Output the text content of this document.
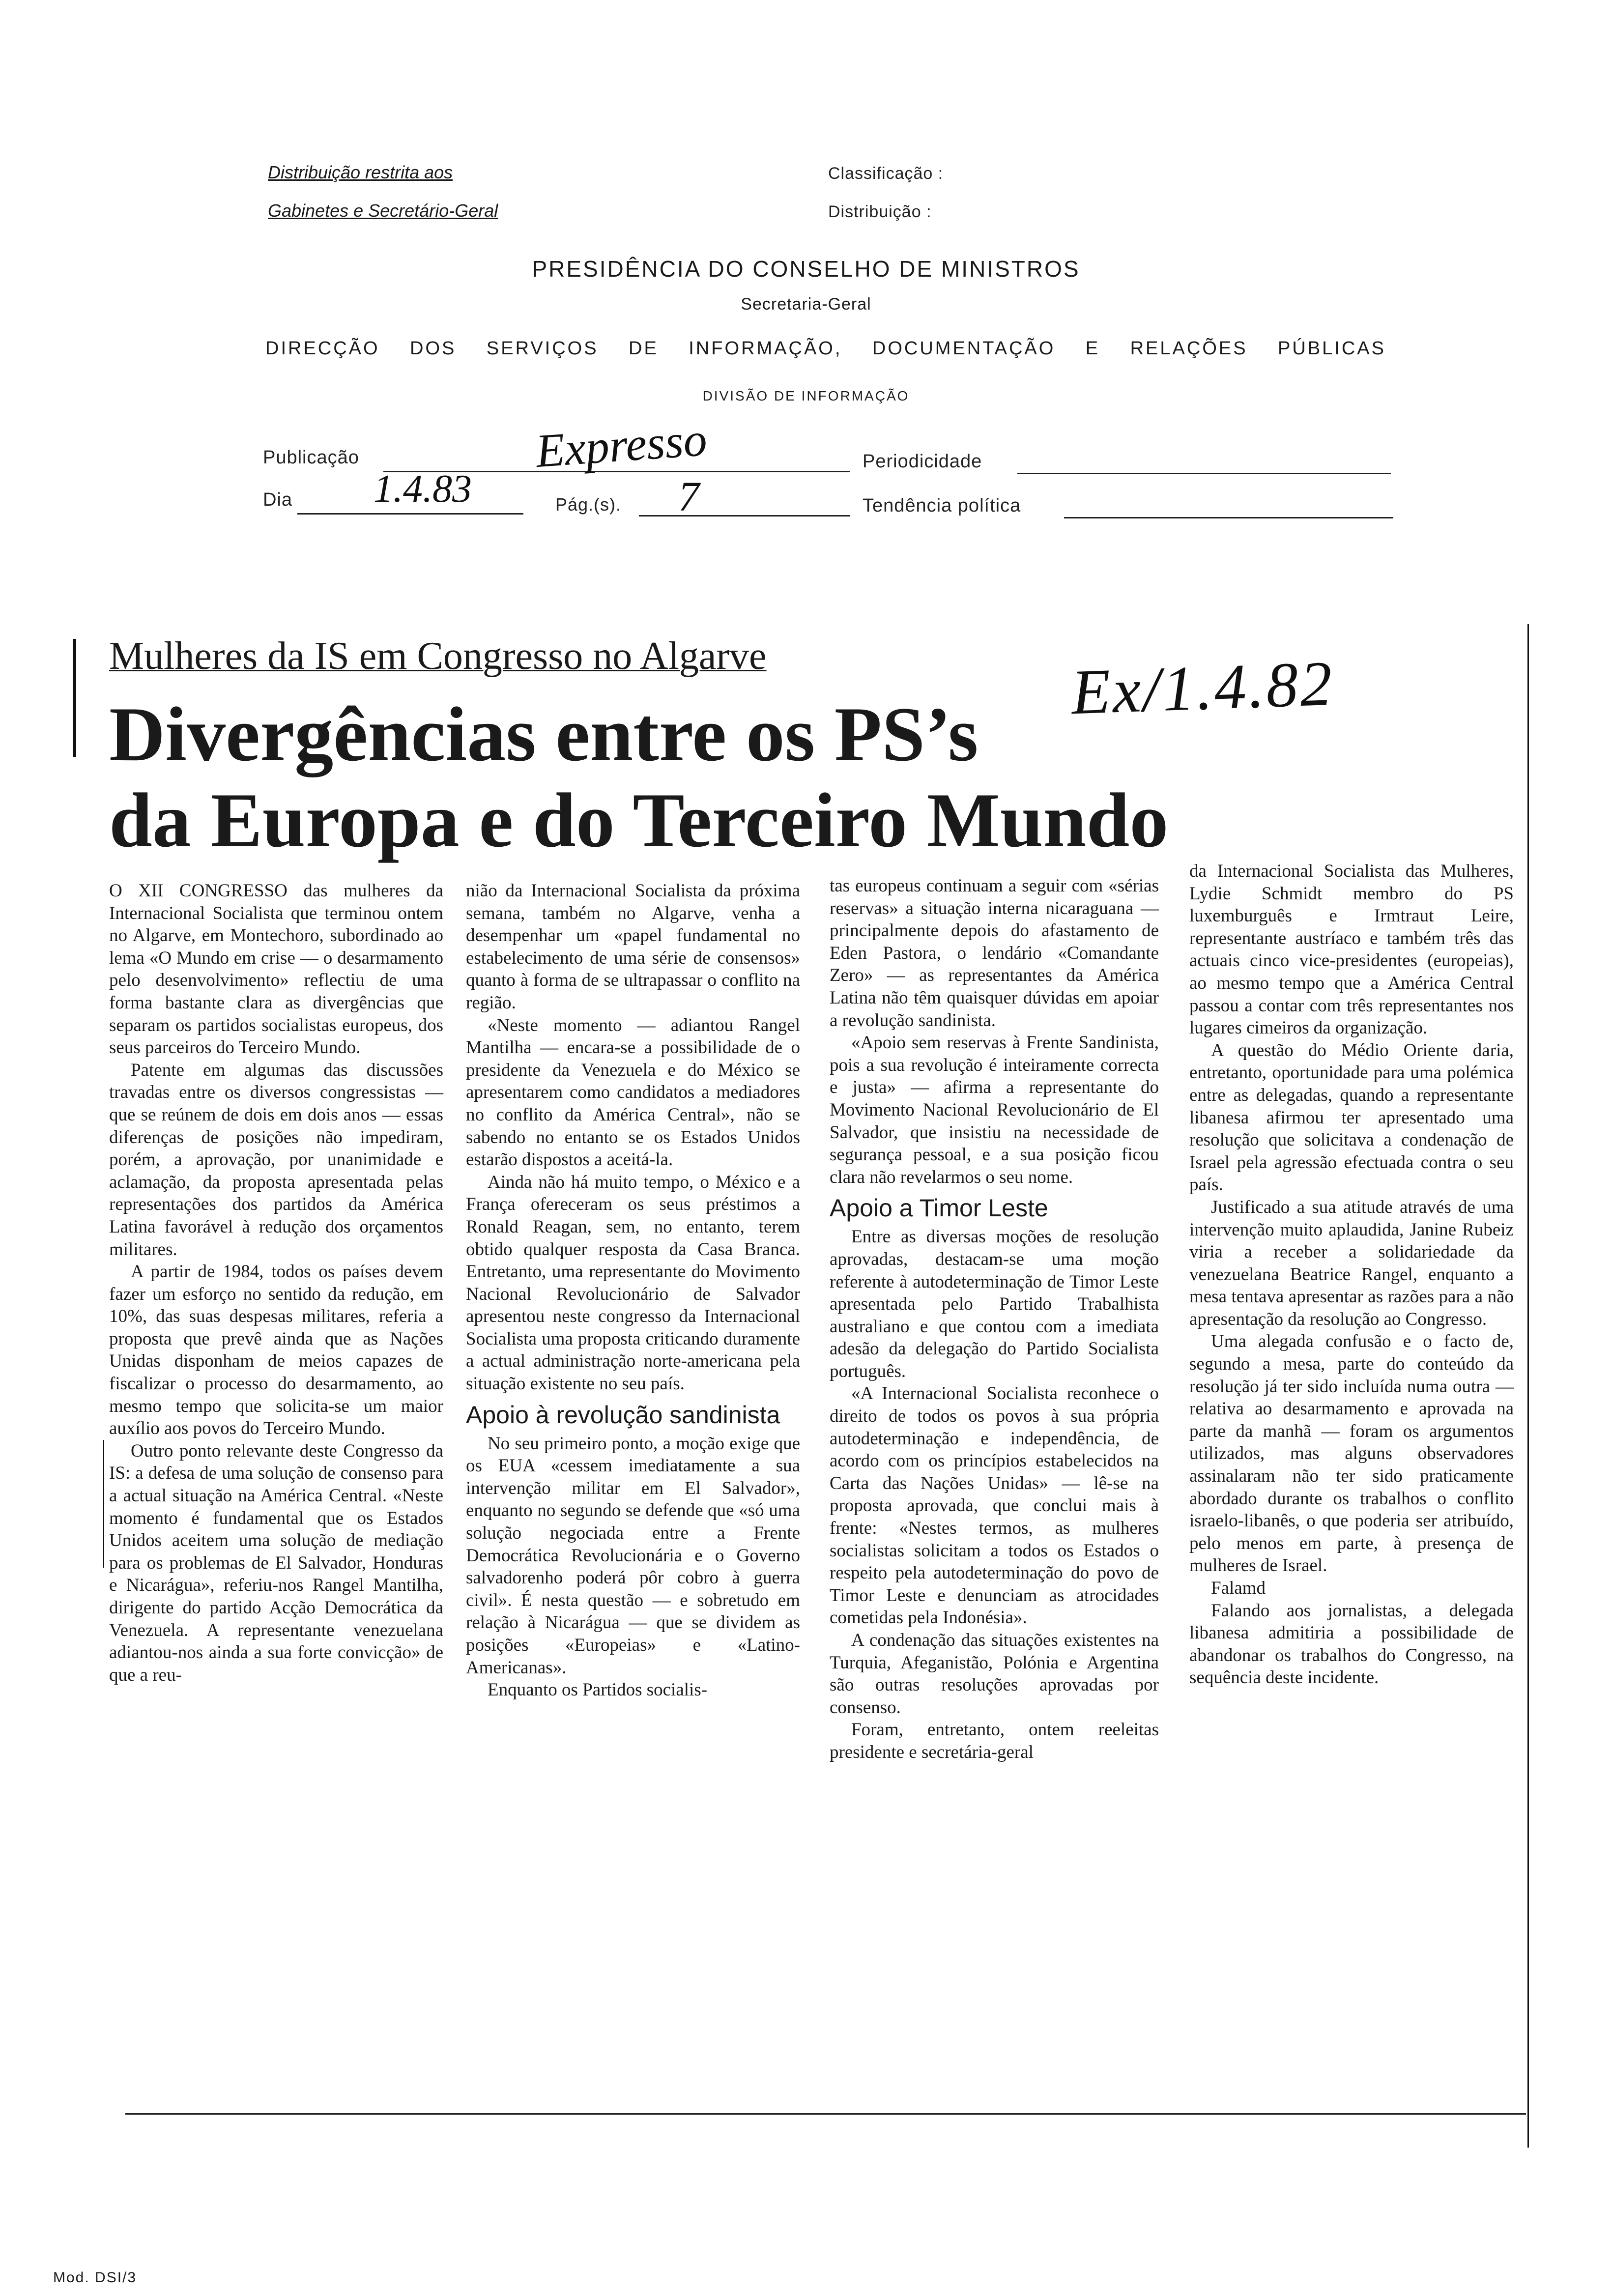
Distribuição restrita aos
Gabinetes e Secretário-Geral
Classificação :
Distribuição :
PRESIDÊNCIA DO CONSELHO DE MINISTROS
Secretaria-Geral
DIRECÇÃO DOS SERVIÇOS DE INFORMAÇÃO, DOCUMENTAÇÃO E RELAÇÕES PÚBLICAS
DIVISÃO DE INFORMAÇÃO
Publicação	Expresso	Periodicidade
Dia 1.4.83	Pág.(s). 7	Tendência política
Mulheres da IS em Congresso no Algarve
Divergências entre os PS’s
da Europa e do Terceiro Mundo
Ex/1.4.82

O XII CONGRESSO das mulheres da Internacional Socialista que terminou ontem no Algarve, em Montechoro, subordinado ao lema «O Mundo em crise — o desarmamento pelo desenvolvimento» reflectiu de uma forma bastante clara as divergências que separam os partidos socialistas europeus, dos seus parceiros do Terceiro Mundo.

Patente em algumas das discussões travadas entre os diversos congressistas — que se reúnem de dois em dois anos — essas diferenças de posições não impediram, porém, a aprovação, por unanimidade e aclamação, da proposta apresentada pelas representações dos partidos da América Latina favorável à redução dos orçamentos militares.

A partir de 1984, todos os países devem fazer um esforço no sentido da redução, em 10%, das suas despesas militares, referia a proposta que prevê ainda que as Nações Unidas disponham de meios capazes de fiscalizar o processo do desarmamento, ao mesmo tempo que solicita-se um maior auxílio aos povos do Terceiro Mundo.

Outro ponto relevante deste Congresso da IS: a defesa de uma solução de consenso para a actual situação na América Central. «Neste momento é fundamental que os Estados Unidos aceitem uma solução de mediação para os problemas de El Salvador, Honduras e Nicarágua», referiu-nos Rangel Mantilha, dirigente do partido Acção Democrática da Venezuela. A representante venezuelana adiantou-nos ainda a sua forte convicção» de que a reu-

nião da Internacional Socialista da próxima semana, também no Algarve, venha a desempenhar um «papel fundamental no estabelecimento de uma série de consensos» quanto à forma de se ultrapassar o conflito na região.

«Neste momento — adiantou Rangel Mantilha — encara-se a possibilidade de o presidente da Venezuela e do México se apresentarem como candidatos a mediadores no conflito da América Central», não se sabendo no entanto se os Estados Unidos estarão dispostos a aceitá-la.

Ainda não há muito tempo, o México e a França ofereceram os seus préstimos a Ronald Reagan, sem, no entanto, terem obtido qualquer resposta da Casa Branca. Entretanto, uma representante do Movimento Nacional Revolucionário de Salvador apresentou neste congresso da Internacional Socialista uma proposta criticando duramente a actual administração norte-americana pela situação existente no seu país.

Apoio à revolução sandinista

No seu primeiro ponto, a moção exige que os EUA «cessem imediatamente a sua intervenção militar em El Salvador», enquanto no segundo se defende que «só uma solução negociada entre a Frente Democrática Revolucionária e o Governo salvadorenho poderá pôr cobro à guerra civil». É nesta questão — e sobretudo em relação à Nicarágua — que se dividem as posições «Europeias» e «Latino-Americanas».

Enquanto os Partidos socialis-

tas europeus continuam a seguir com «sérias reservas» a situação interna nicaraguana — principalmente depois do afastamento de Eden Pastora, o lendário «Comandante Zero» — as representantes da América Latina não têm quaisquer dúvidas em apoiar a revolução sandinista.

«Apoio sem reservas à Frente Sandinista, pois a sua revolução é inteiramente correcta e justa» — afirma a representante do Movimento Nacional Revolucionário de El Salvador, que insistiu na necessidade de segurança pessoal, e a sua posição ficou clara não revelarmos o seu nome.

Apoio a Timor Leste

Entre as diversas moções de resolução aprovadas, destacam-se uma moção referente à autodeterminação de Timor Leste apresentada pelo Partido Trabalhista australiano e que contou com a imediata adesão da delegação do Partido Socialista português.

«A Internacional Socialista reconhece o direito de todos os povos à sua própria autodeterminação e independência, de acordo com os princípios estabelecidos na Carta das Nações Unidas» — lê-se na proposta aprovada, que conclui mais à frente: «Nestes termos, as mulheres socialistas solicitam a todos os Estados o respeito pela autodeterminação do povo de Timor Leste e denunciam as atrocidades cometidas pela Indonésia».

A condenação das situações existentes na Turquia, Afeganistão, Polónia e Argentina são outras resoluções aprovadas por consenso.

Foram, entretanto, ontem reeleitas presidente e secretária-geral

da Internacional Socialista das Mulheres, Lydie Schmidt membro do PS luxemburguês e Irmtraut Leire, representante austríaco e também três das actuais cinco vice-presidentes (europeias), ao mesmo tempo que a América Central passou a contar com três representantes nos lugares cimeiros da organização.

A questão do Médio Oriente daria, entretanto, oportunidade para uma polémica entre as delegadas, quando a representante libanesa afirmou ter apresentado uma resolução que solicitava a condenação de Israel pela agressão efectuada contra o seu país.

Justificado a sua atitude através de uma intervenção muito aplaudida, Janine Rubeiz viria a receber a solidariedade da venezuelana Beatrice Rangel, enquanto a mesa tentava apresentar as razões para a não apresentação da resolução ao Congresso.

Uma alegada confusão e o facto de, segundo a mesa, parte do conteúdo da resolução já ter sido incluída numa outra — relativa ao desarmamento e aprovada na parte da manhã — foram os argumentos utilizados, mas alguns observadores assinalaram não ter sido praticamente abordado durante os trabalhos o conflito israelo-libanês, o que poderia ser atribuído, pelo menos em parte, à presença de mulheres de Israel.

Falamd

Falando aos jornalistas, a delegada libanesa admitiria a possibilidade de abandonar os trabalhos do Congresso, na sequência deste incidente.

Mod. DSI/3
